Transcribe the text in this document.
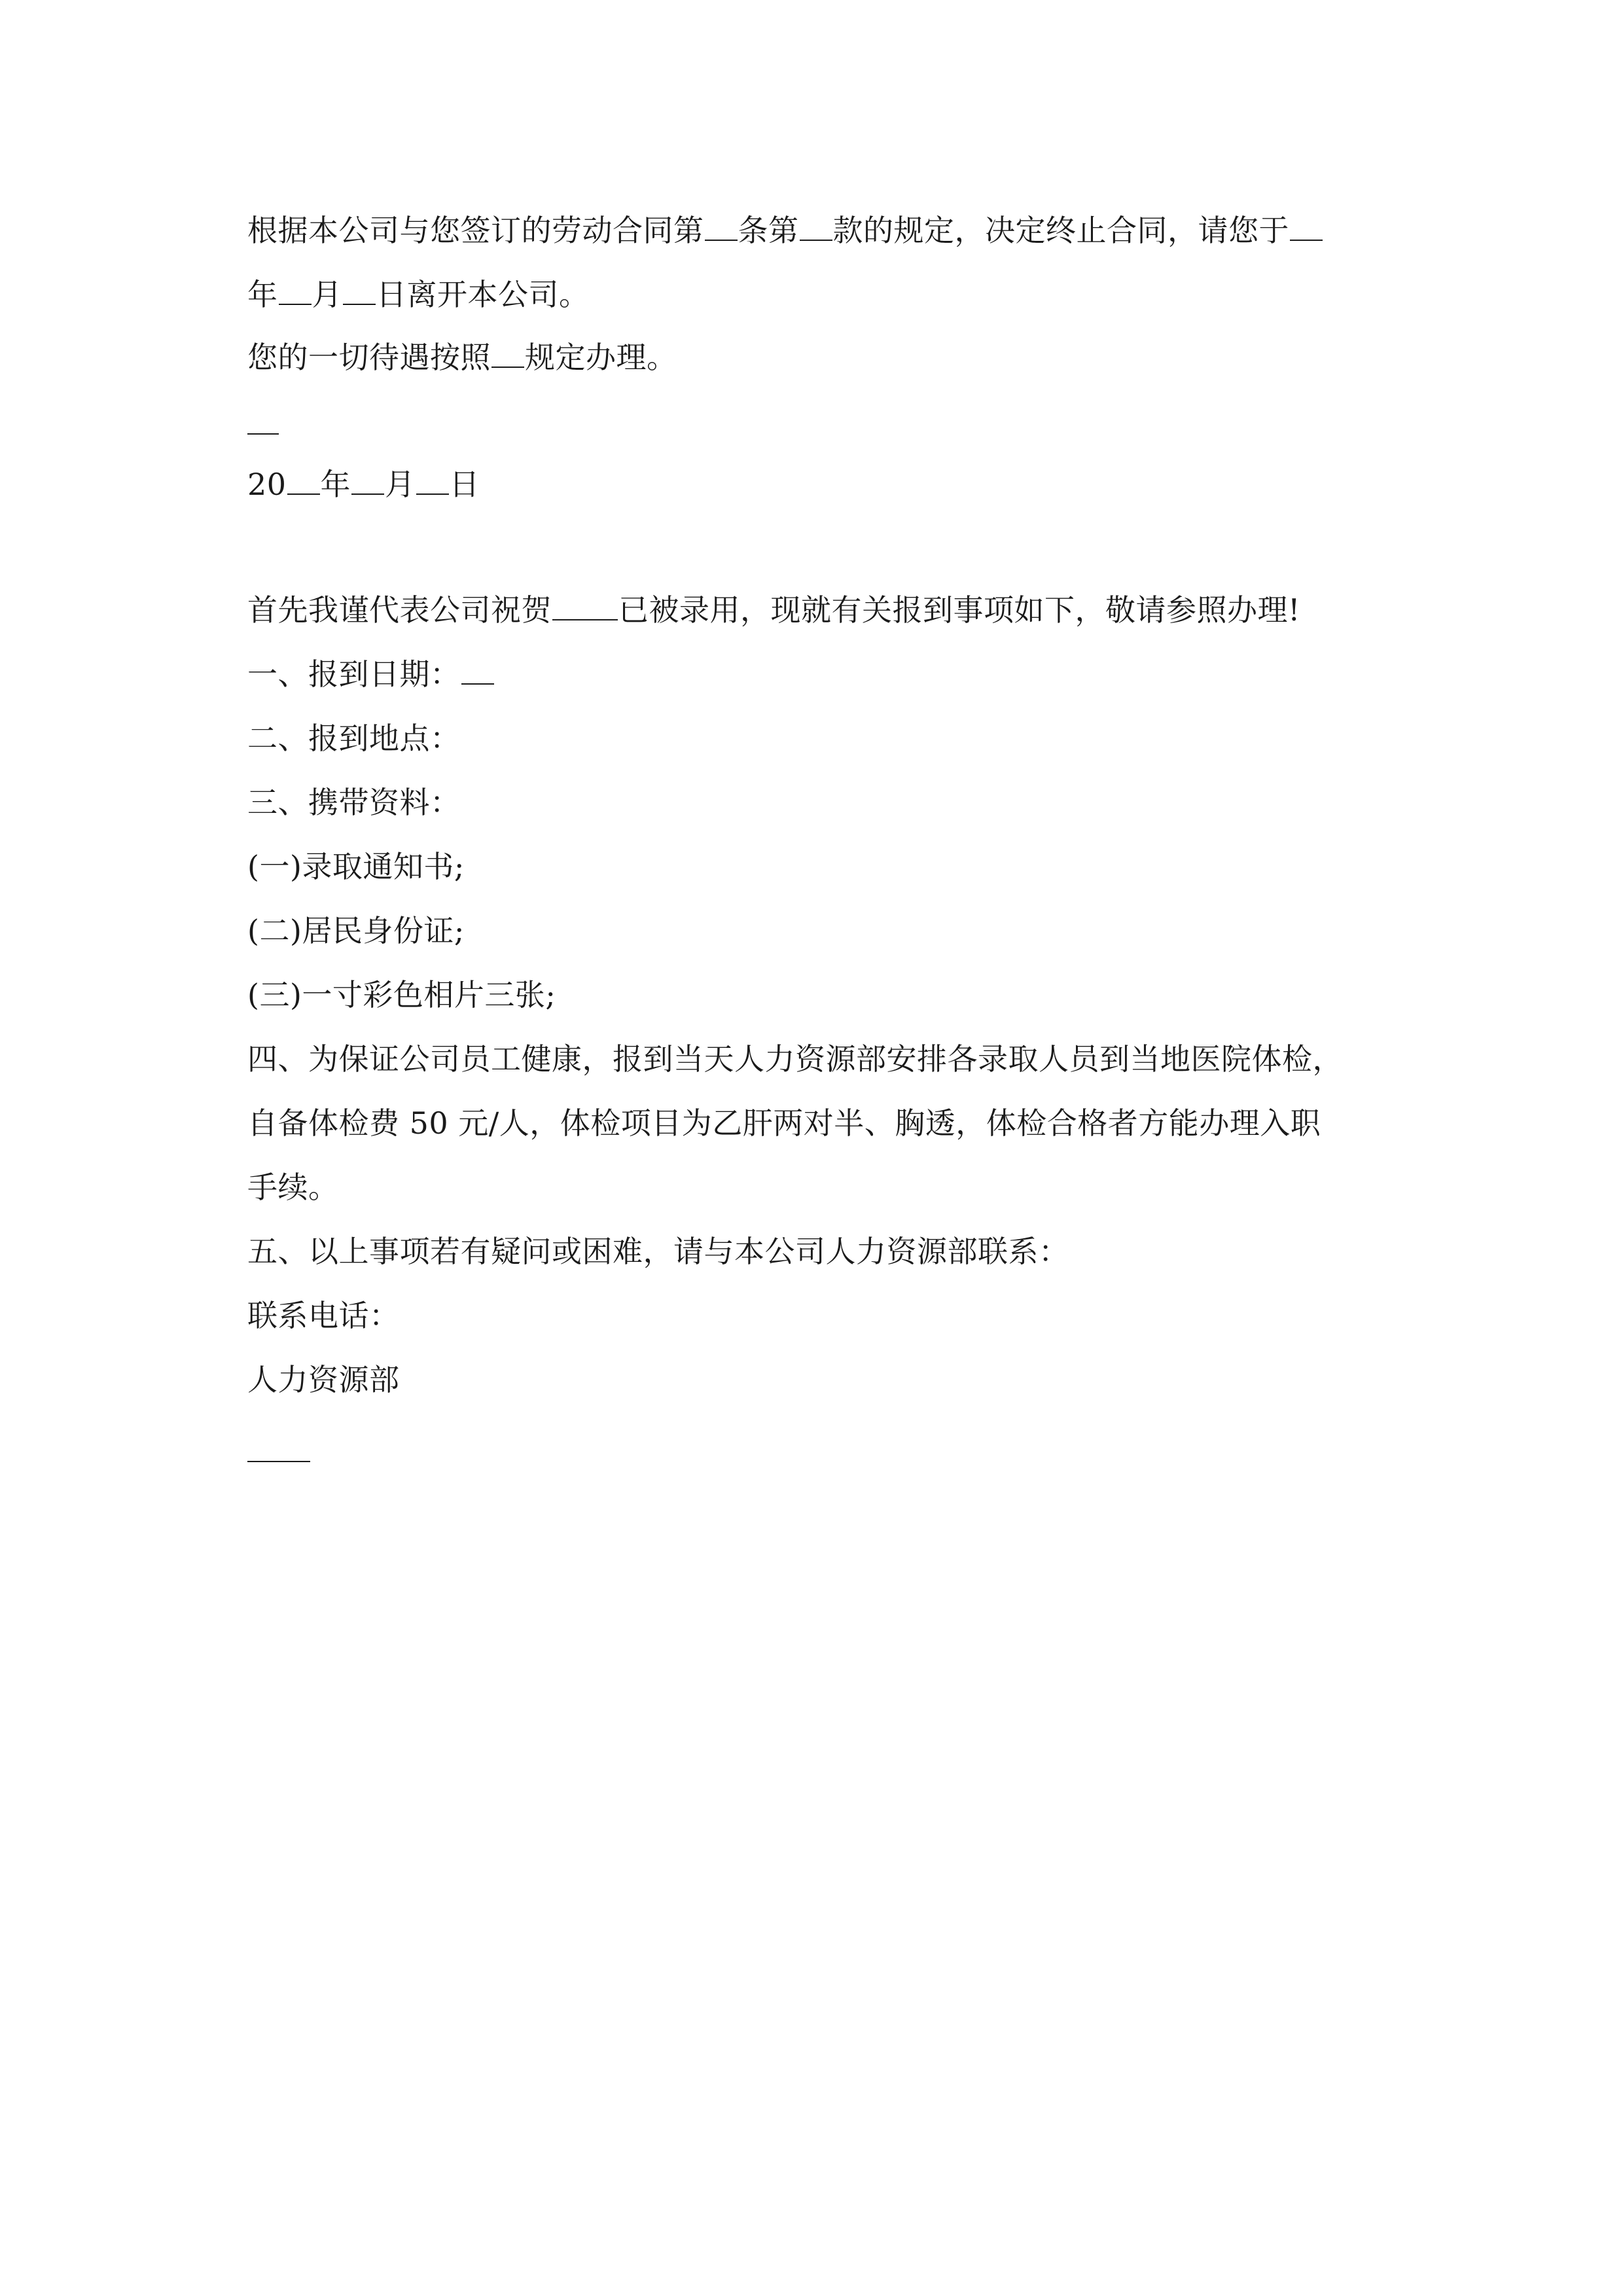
根据本公司与您签订的劳动合同第 条第 款的规定，决定终止合同，请您于
年 月 日离开本公司。
您的一切待遇按照 规定办理。
20 年 月 日
首先我谨代表公司祝贺 已被录用，现就有关报到事项如下，敬请参照办理!
一、报到日期：
二、报到地点：
三、携带资料：
(一)录取通知书;
(二)居民身份证;
(三)一寸彩色相片三张;
四、为保证公司员工健康，报到当天人力资源部安排各录取人员到当地医院体检，
自备体检费 50 元/人，体检项目为乙肝两对半、胸透，体检合格者方能办理入职
手续。
五、以上事项若有疑问或困难，请与本公司人力资源部联系：
联系电话：
人力资源部
